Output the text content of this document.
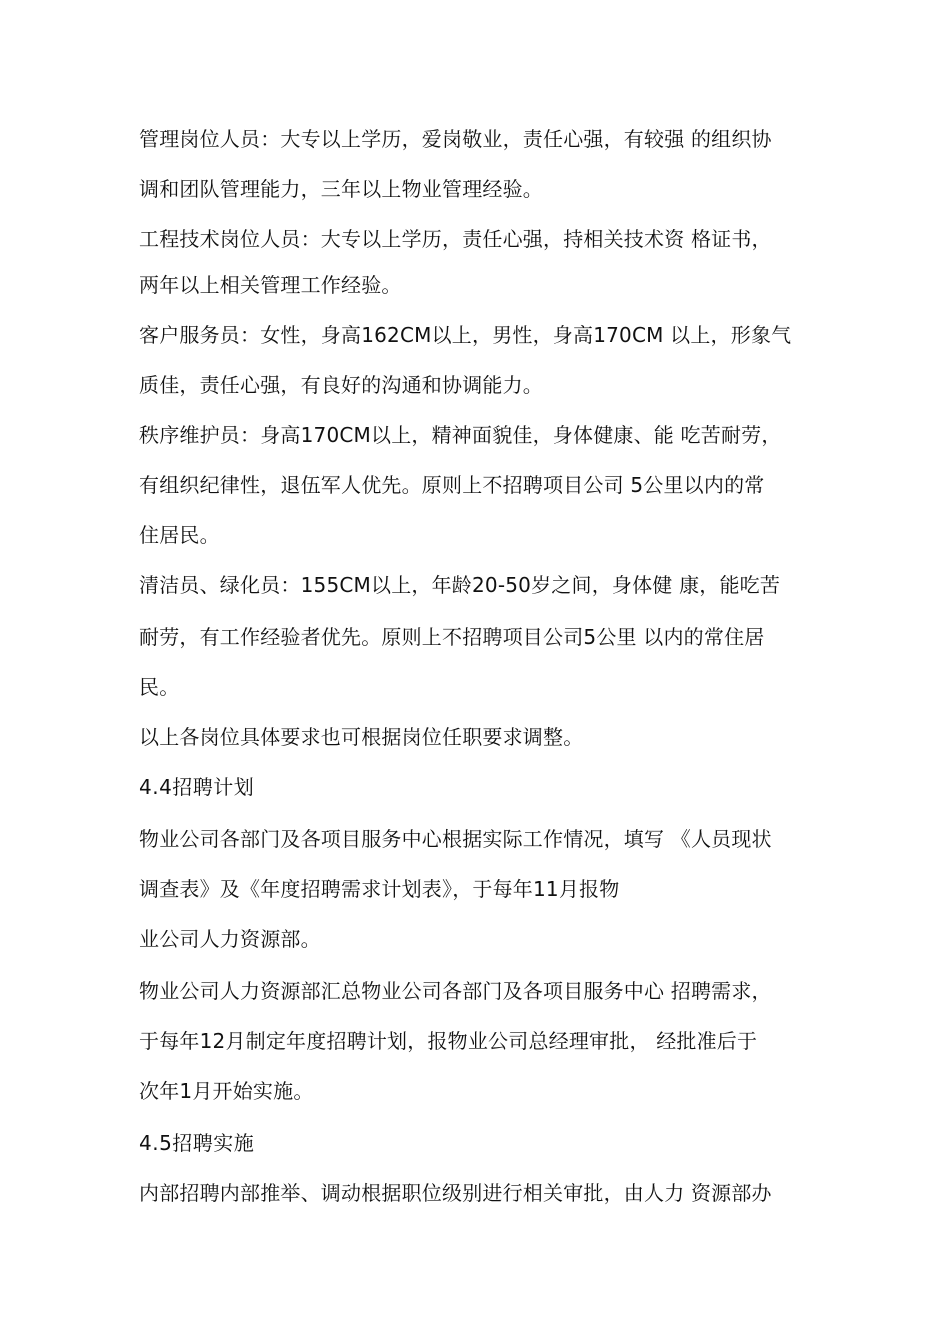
管理岗位人员：大专以上学历，爱岗敬业，责任心强，有较强 的组织协
调和团队管理能力，三年以上物业管理经验。
工程技术岗位人员：大专以上学历，责任心强，持相关技术资 格证书，
两年以上相关管理工作经验。
客户服务员：女性，身高162CM以上，男性，身高170CM 以上，形象气
质佳，责任心强，有良好的沟通和协调能力。
秩序维护员：身高170CM以上，精神面貌佳，身体健康、能 吃苦耐劳，
有组织纪律性，退伍军人优先。原则上不招聘项目公司 5公里以内的常
住居民。
清洁员、绿化员：155CM以上，年龄20-50岁之间，身体健 康，能吃苦
耐劳，有工作经验者优先。原则上不招聘项目公司5公里 以内的常住居
民。
以上各岗位具体要求也可根据岗位任职要求调整。
4.4招聘计划
物业公司各部门及各项目服务中心根据实际工作情况，填写 《人员现状
调查表》及《年度招聘需求计划表》，于每年11月报物
业公司人力资源部。
物业公司人力资源部汇总物业公司各部门及各项目服务中心 招聘需求，
于每年12月制定年度招聘计划，报物业公司总经理审批， 经批准后于
次年1月开始实施。
4.5招聘实施
内部招聘内部推举、调动根据职位级别进行相关审批，由人力 资源部办
